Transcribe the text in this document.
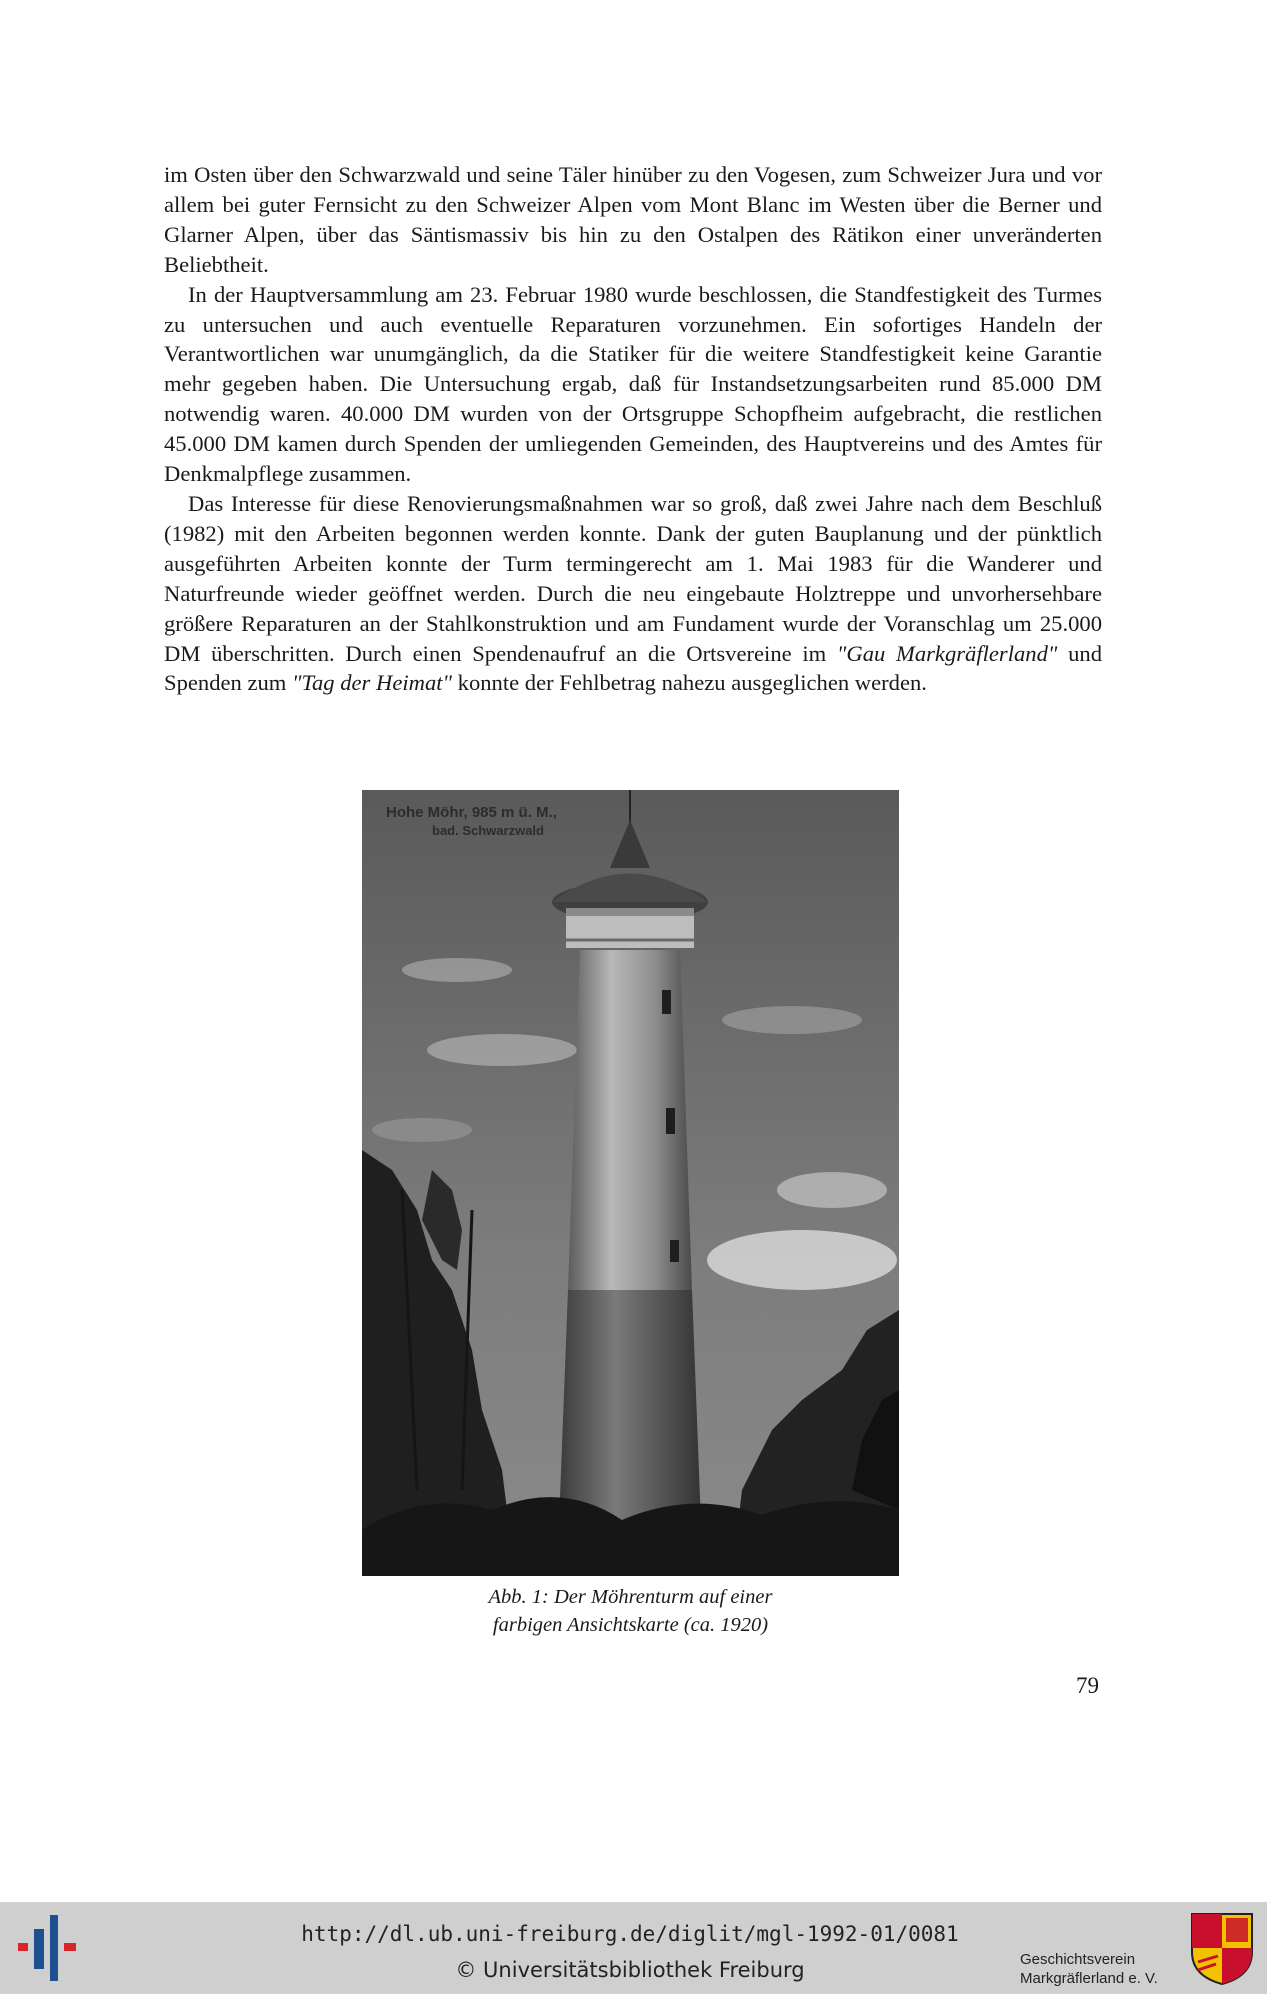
im Osten über den Schwarzwald und seine Täler hinüber zu den Vogesen, zum Schweizer Jura und vor allem bei guter Fernsicht zu den Schweizer Alpen vom Mont Blanc im Westen über die Berner und Glarner Alpen, über das Säntismassiv bis hin zu den Ostalpen des Rätikon einer unveränderten Beliebtheit.

In der Hauptversammlung am 23. Februar 1980 wurde beschlossen, die Standfestigkeit des Turmes zu untersuchen und auch eventuelle Reparaturen vorzunehmen. Ein sofortiges Handeln der Verantwortlichen war unumgänglich, da die Statiker für die weitere Standfestigkeit keine Garantie mehr gegeben haben. Die Untersuchung ergab, daß für Instandsetzungsarbeiten rund 85.000 DM notwendig waren. 40.000 DM wurden von der Ortsgruppe Schopfheim aufgebracht, die restlichen 45.000 DM kamen durch Spenden der umliegenden Gemeinden, des Hauptvereins und des Amtes für Denkmalpflege zusammen.

Das Interesse für diese Renovierungsmaßnahmen war so groß, daß zwei Jahre nach dem Beschluß (1982) mit den Arbeiten begonnen werden konnte. Dank der guten Bauplanung und der pünktlich ausgeführten Arbeiten konnte der Turm termingerecht am 1. Mai 1983 für die Wanderer und Naturfreunde wieder geöffnet werden. Durch die neu eingebaute Holztreppe und unvorhersehbare größere Reparaturen an der Stahlkonstruktion und am Fundament wurde der Voranschlag um 25.000 DM überschritten. Durch einen Spendenaufruf an die Ortsvereine im "Gau Markgräflerland" und Spenden zum "Tag der Heimat" konnte der Fehlbetrag nahezu ausgeglichen werden.

Hohe Möhr, 985 m ü. M.,
bad. Schwarzwald
Abb. 1: Der Möhrenturm auf einer
farbigen Ansichtskarte (ca. 1920)
79
http://dl.ub.uni-freiburg.de/diglit/mgl-1992-01/0081
© Universitätsbibliothek Freiburg	Geschichtsverein
Markgräflerland e. V.
